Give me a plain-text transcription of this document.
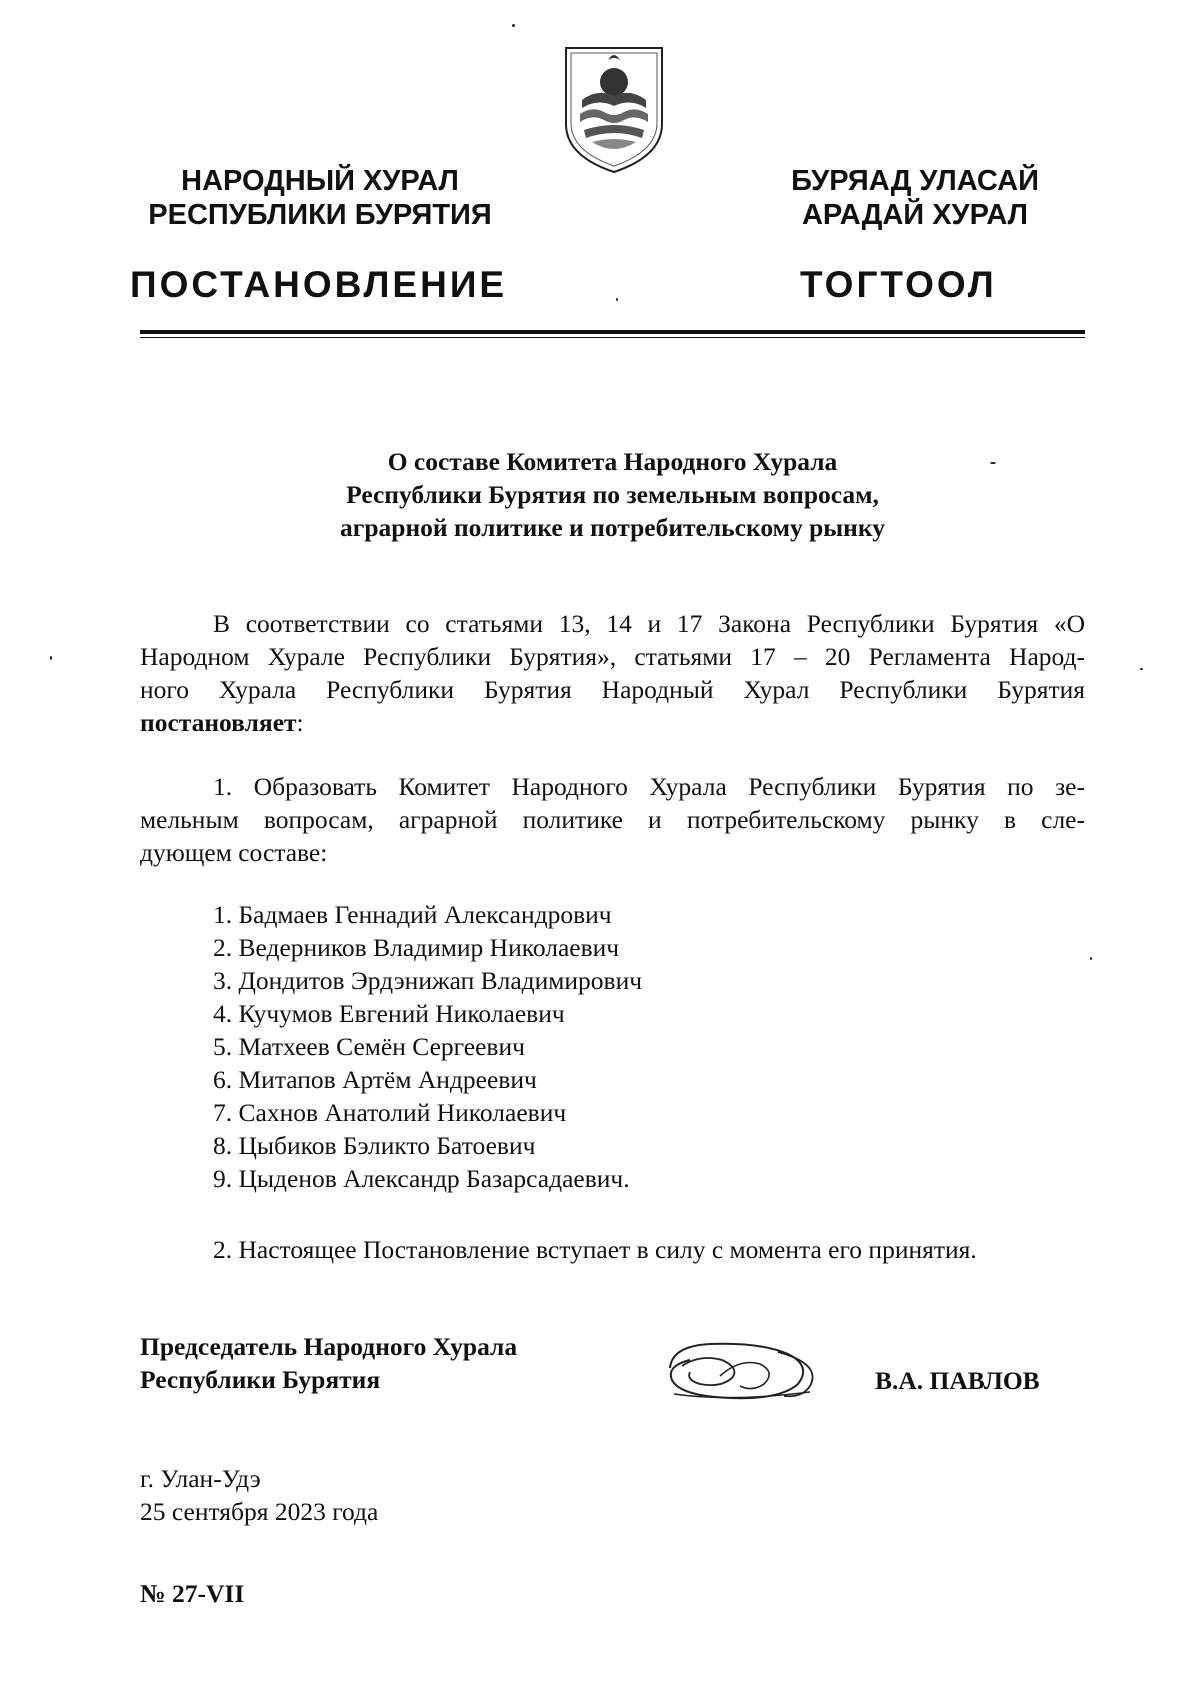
НАРОДНЫЙ ХУРАЛ
РЕСПУБЛИКИ БУРЯТИЯ
БУРЯАД УЛАСАЙ
АРАДАЙ ХУРАЛ
ПОСТАНОВЛЕНИЕ	ТОГТООЛ
О составе Комитета Народного Хурала
Республики Бурятия по земельным вопросам,
аграрной политике и потребительскому рынку
В соответствии со статьями 13, 14 и 17 Закона Республики Бурятия «О
Народном Хурале Республики Бурятия», статьями 17 – 20 Регламента Народ-
ного Хурала Республики Бурятия Народный Хурал Республики Бурятия
постановляет:
1. Образовать Комитет Народного Хурала Республики Бурятия по зе-
мельным вопросам, аграрной политике и потребительскому рынку в сле-
дующем составе:
1. Бадмаев Геннадий Александрович
2. Ведерников Владимир Николаевич
3. Дондитов Эрдэнижап Владимирович
4. Кучумов Евгений Николаевич
5. Матхеев Семён Сергеевич
6. Митапов Артём Андреевич
7. Сахнов Анатолий Николаевич
8. Цыбиков Бэликто Батоевич
9. Цыденов Александр Базарсадаевич.
2. Настоящее Постановление вступает в силу с момента его принятия.
Председатель Народного Хурала
Республики Бурятия	В.А. ПАВЛОВ
г. Улан-Удэ
25 сентября 2023 года
№ 27-VII
